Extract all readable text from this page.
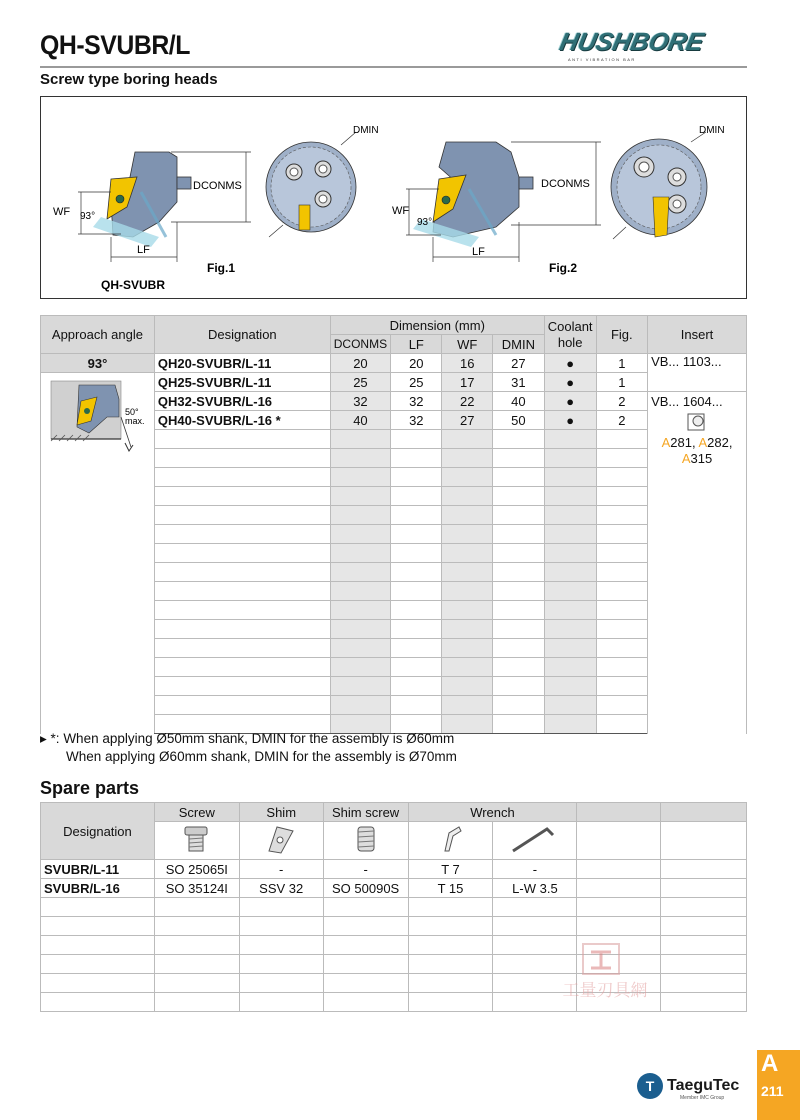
QH-SVUBR/L	HUSHBORE
ANTI VIBRATION BAR
Screw type boring heads
DCONMS
WF
LF
93°
DMIN
Fig.1
QH-SVUBR
DCONMS
WF
LF
93°
DMIN
Fig.2
Approach angle	Designation	Dimension (mm)				Coolant hole	Fig.	Insert
		DCONMS	LF	WF	DMIN			
93°	QH20-SVUBR/L-11	20	20	16	27	●	1	VB... 1103...

50°
max.	QH25-SVUBR/L-11	25	25	17	31	●	1	
	QH32-SVUBR/L-16	32	32	22	40	●	2	VB... 1604...
A281, A282,
A315

	QH40-SVUBR/L-16 *	40	32	27	50	●	2	

▸ *: When applying Ø50mm shank, DMIN for the assembly is Ø60mm
When applying Ø60mm shank, DMIN for the assembly is Ø70mm
Spare parts
Designation	Screw	Shim	Shim screw	Wrench			

SVUBR/L-11	SO 25065I	-	-	T 7	-		
SVUBR/L-16	SO 35124I	SSV 32	SO 50090S	T 15	L-W 3.5		

工量刃具網
T TaeguTec
Member IMC Group
A
211
